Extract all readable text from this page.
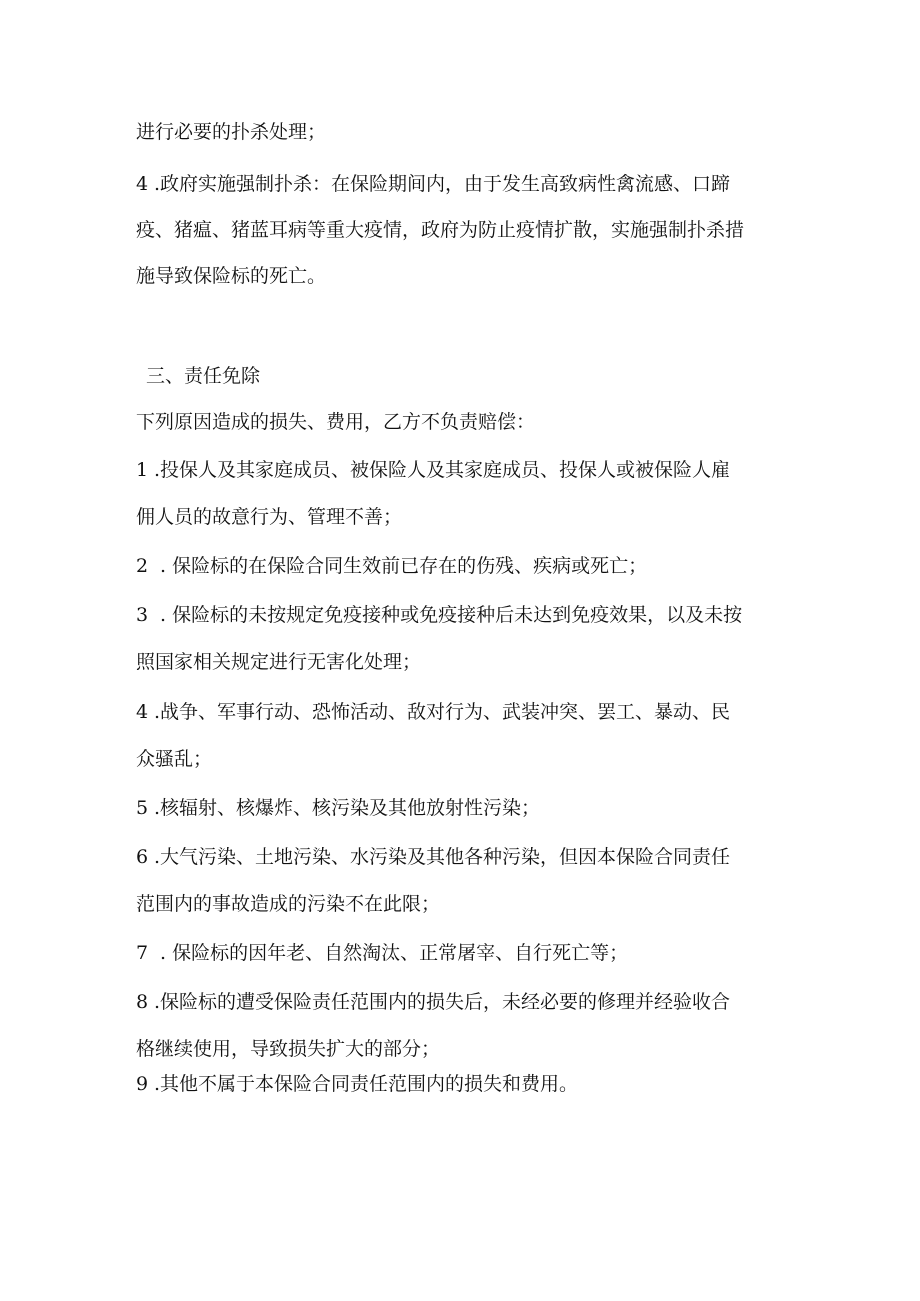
进行必要的扑杀处理；

4 .政府实施强制扑杀：在保险期间内，由于发生高致病性禽流感、口蹄

疫、猪瘟、猪蓝耳病等重大疫情，政府为防止疫情扩散，实施强制扑杀措

施导致保险标的死亡。

三、责任免除

下列原因造成的损失、费用，乙方不负责赔偿：

1 .投保人及其家庭成员、被保险人及其家庭成员、投保人或被保险人雇

佣人员的故意行为、管理不善；

2 . 保险标的在保险合同生效前已存在的伤残、疾病或死亡；

3 . 保险标的未按规定免疫接种或免疫接种后未达到免疫效果，以及未按

照国家相关规定进行无害化处理；

4 .战争、军事行动、恐怖活动、敌对行为、武装冲突、罢工、暴动、民

众骚乱；

5 .核辐射、核爆炸、核污染及其他放射性污染；

6 .大气污染、土地污染、水污染及其他各种污染，但因本保险合同责任

范围内的事故造成的污染不在此限；

7 . 保险标的因年老、自然淘汰、正常屠宰、自行死亡等；

8 .保险标的遭受保险责任范围内的损失后，未经必要的修理并经验收合

格继续使用，导致损失扩大的部分；

9 .其他不属于本保险合同责任范围内的损失和费用。
